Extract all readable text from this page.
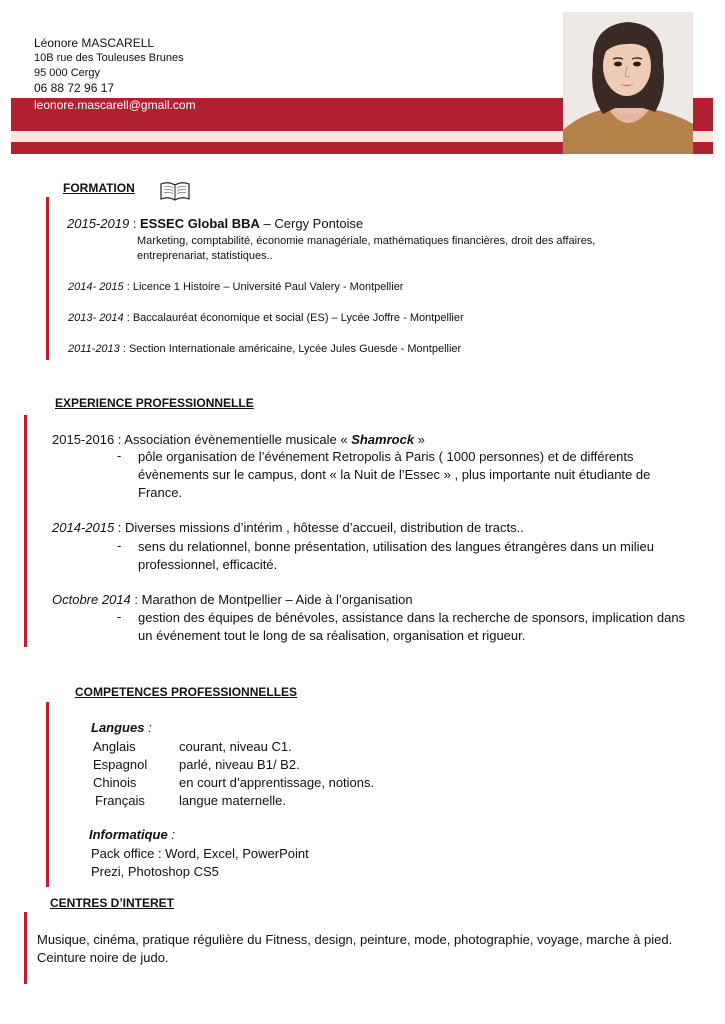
Léonore MASCARELL
10B rue des Touleuses Brunes
95 000 Cergy
06 88 72 96 17
leonore.mascarell@gmail.com
FORMATION
2015-2019 : ESSEC Global BBA – Cergy Pontoise
Marketing, comptabilité, économie managériale, mathématiques financières, droit des affaires,
entreprenariat, statistiques..
2014- 2015 : Licence 1 Histoire – Université Paul Valery - Montpellier
2013- 2014 : Baccalauréat économique et social (ES) – Lycée Joffre - Montpellier
2011-2013 : Section Internationale américaine, Lycée Jules Guesde - Montpellier
EXPERIENCE PROFESSIONNELLE
2015-2016 : Association évènementielle musicale « Shamrock »
- pôle organisation de l’événement Retropolis à Paris ( 1000 personnes) et de différents
évènements sur le campus, dont « la Nuit de l’Essec » , plus importante nuit étudiante de
France.
2014-2015 : Diverses missions d’intérim , hôtesse d’accueil, distribution de tracts..
- sens du relationnel, bonne présentation, utilisation des langues étrangères dans un milieu
professionnel, efficacité.
Octobre 2014 : Marathon de Montpellier – Aide à l’organisation
- gestion des équipes de bénévoles, assistance dans la recherche de sponsors, implication dans
un événement tout le long de sa réalisation, organisation et rigueur.
COMPETENCES PROFESSIONNELLES
Langues :
Anglais	courant, niveau C1.
Espagnol parlé, niveau B1/ B2.
Chinois	en court d’apprentissage, notions.
Français	langue maternelle.
Informatique :
Pack office : Word, Excel, PowerPoint
Prezi, Photoshop CS5
CENTRES D’INTERET
Musique, cinéma, pratique régulière du Fitness, design, peinture, mode, photographie, voyage, marche à pied.
Ceinture noire de judo.
